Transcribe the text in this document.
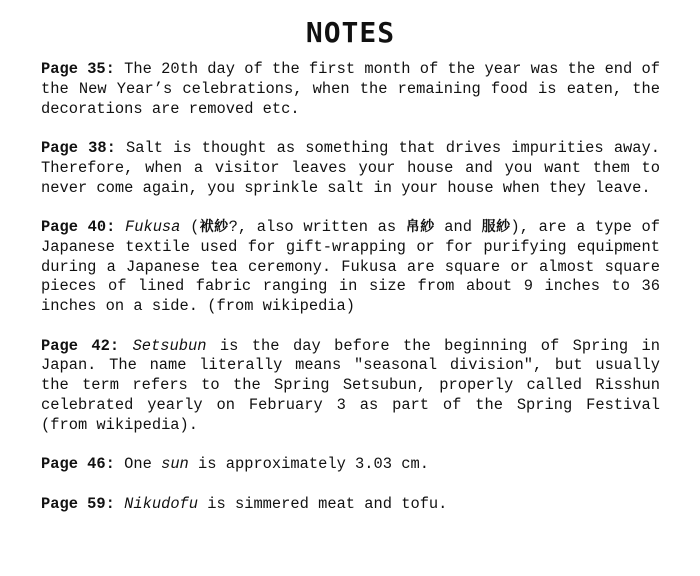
NOTES

Page 35: The 20th day of the first month of the year was the end of the New Year’s celebrations, when the remaining food is eaten, the decorations are removed etc.

Page 38: Salt is thought as something that drives impurities away. Therefore, when a visitor leaves your house and you want them to never come again, you sprinkle salt in your house when they leave.

Page 40: Fukusa (袱紗?, also written as 帛紗 and 服紗), are a type of Japanese textile used for gift-wrapping or for purifying equipment during a Japanese tea ceremony. Fukusa are square or almost square pieces of lined fabric ranging in size from about 9 inches to 36 inches on a side. (from wikipedia)

Page 42: Setsubun is the day before the beginning of Spring in Japan. The name literally means "seasonal division", but usually the term refers to the Spring Setsubun, properly called Risshun celebrated yearly on February 3 as part of the Spring Festival (from wikipedia).

Page 46: One sun is approximately 3.03 cm.

Page 59: Nikudofu is simmered meat and tofu.
